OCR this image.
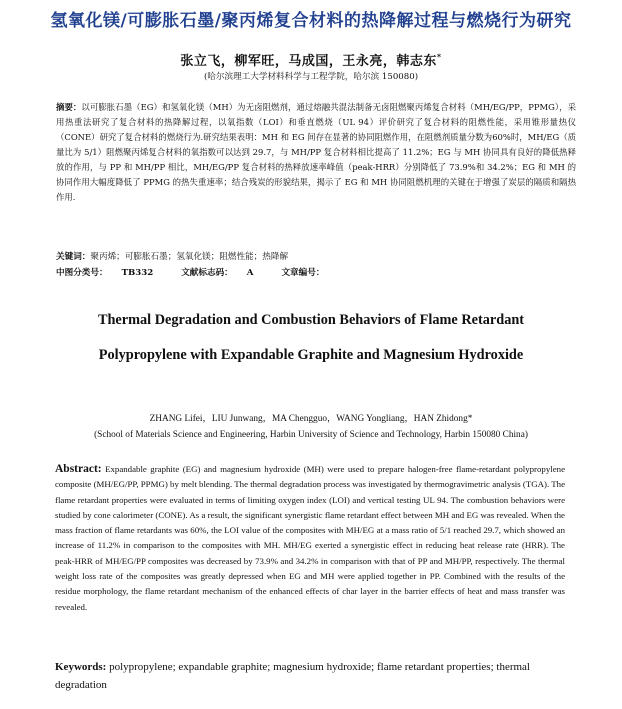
氢氧化镁/可膨胀石墨/聚丙烯复合材料的热降解过程与燃烧行为研究
张立飞，柳军旺，马成国，王永亮，韩志东*
(哈尔滨理工大学材料科学与工程学院，哈尔滨 150080)
摘要：以可膨胀石墨（EG）和氢氧化镁（MH）为无卤阻燃剂，通过熔融共混法制备无卤阻燃聚丙烯复合材料（MH/EG/PP，PPMG），采用热重法研究了复合材料的热降解过程，以氧指数（LOI）和垂直燃烧（UL 94）评价研究了复合材料的阻燃性能，采用锥形量热仪（CONE）研究了复合材料的燃烧行为.研究结果表明：MH 和 EG 间存在显著的协同阻燃作用，在阻燃剂质量分数为60%时，MH/EG（质量比为 5/1）阻燃聚丙烯复合材料的氧指数可以达到 29.7，与 MH/PP 复合材料相比提高了 11.2%；EG 与 MH 协同具有良好的降低热释放的作用，与 PP 和 MH/PP 相比，MH/EG/PP 复合材料的热释放速率峰值（peak-HRR）分别降低了 73.9%和 34.2%；EG 和 MH 的协同作用大幅度降低了 PPMG 的热失重速率；结合残炭的形貌结果，揭示了 EG 和 MH 协同阻燃机理的关键在于增强了炭层的隔质和隔热作用.
关键词：聚丙烯；可膨胀石墨；氢氧化镁；阻燃性能；热降解
中图分类号： TB332	文献标志码： A	文章编号：
Thermal Degradation and Combustion Behaviors of Flame Retardant
Polypropylene with Expandable Graphite and Magnesium Hydroxide
ZHANG Lifei，LIU Junwang，MA Chengguo，WANG Yongliang，HAN Zhidong*
(School of Materials Science and Engineering, Harbin University of Science and Technology, Harbin 150080 China)
Abstract: Expandable graphite (EG) and magnesium hydroxide (MH) were used to prepare halogen-free flame-retardant polypropylene composite (MH/EG/PP, PPMG) by melt blending. The thermal degradation process was investigated by thermogravimetric analysis (TGA). The flame retardant properties were evaluated in terms of limiting oxygen index (LOI) and vertical testing UL 94. The combustion behaviors were studied by cone calorimeter (CONE). As a result, the significant synergistic flame retardant effect between MH and EG was revealed. When the mass fraction of flame retardants was 60%, the LOI value of the composites with MH/EG at a mass ratio of 5/1 reached 29.7, which showed an increase of 11.2% in comparison to the composites with MH. MH/EG exerted a synergistic effect in reducing heat release rate (HRR). The peak-HRR of MH/EG/PP composites was decreased by 73.9% and 34.2% in comparison with that of PP and MH/PP, respectively. The thermal weight loss rate of the composites was greatly depressed when EG and MH were applied together in PP. Combined with the results of the residue morphology, the flame retardant mechanism of the enhanced effects of char layer in the barrier effects of heat and mass transfer was revealed.
Keywords: polypropylene; expandable graphite; magnesium hydroxide; flame retardant properties; thermal degradation
